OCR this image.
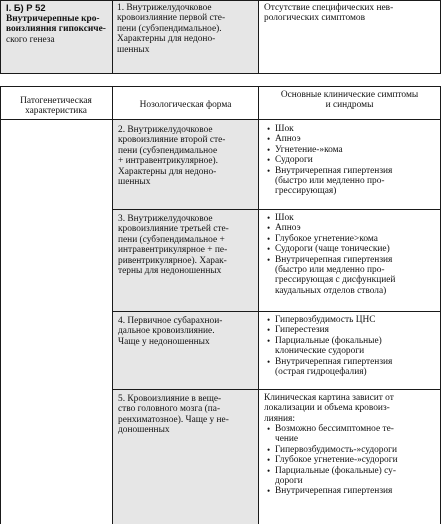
I. Б) Р 52

Внутричерепные кро-
воизлияния гипоксиче-

ского генеза

1. Внутрижелудочковое
кровоизлияние первой сте-
пени (субэпендимальное).
Характерны для недоно-
шенных

Отсутствие специфических нев-
рологических симптомов

Патогенетическая
характеристика

Нозологическая форма

Основные клинические симптомы
и синдромы

2. Внутрижелудочковое
кровоизлияние второй сте-
пени (субэпендимальное
+ интравентрикулярное).
Характерны для недоно-
шенных

• Шок
• Апноэ
• Угнетение-»кома
• Судороги
• Внутричерепная гипертензия
(быстро или медленно про-
грессирующая)

3. Внутрижелудочковое
кровоизлияние третьей сте-
пени (субэпендимальное +
интравентрикулярное + пе-
ривентрикулярное). Харак-
терны для недоношенных

• Шок
• Апноэ
• Глубокое угнетение>кома
• Судороги (чаще тонические)
• Внутричерепная гипертензия
(быстро или медленно про-
грессирующая с дисфункцией
каудальных отделов ствола)

4. Первичное субарахнои-
дальное кровоизлияние.
Чаще у недоношенных

• Гипервозбудимость ЦНС
• Гиперестезия
• Парциальные (фокальные)
клонические судороги
• Внутричерепная гипертензия
(острая гидроцефалия)

5. Кровоизлияние в веще-
ство головного мозга (па-
ренхиматозное). Чаще у не-
доношенных

Клиническая картина зависит от
локализации и объема кровоиз-
лияния:

• Возможно бессимптомное те-
чение
• Гипервозбудимость-»судороги
• Глубокое угнетение-»судороги
• Парциальные (фокальные) су-
дороги
• Внутричерепная гипертензия
